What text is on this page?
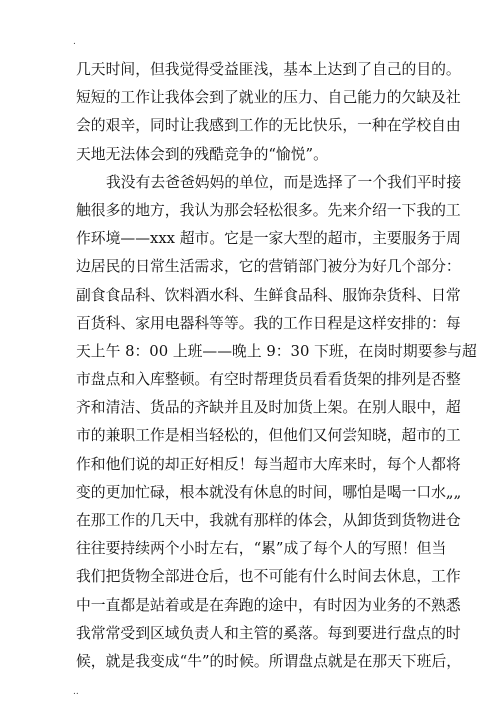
.
几天时间，但我觉得受益匪浅，基本上达到了自己的目的。
短短的工作让我体会到了就业的压力、自己能力的欠缺及社
会的艰辛，同时让我感到工作的无比快乐，一种在学校自由
天地无法体会到的残酷竞争的“愉悦”。
我没有去爸爸妈妈的单位，而是选择了一个我们平时接
触很多的地方，我认为那会轻松很多。先来介绍一下我的工
作环境——xxx 超市。它是一家大型的超市，主要服务于周
边居民的日常生活需求，它的营销部门被分为好几个部分：
副食食品科、饮料酒水科、生鲜食品科、服饰杂货科、日常
百货科、家用电器科等等。我的工作日程是这样安排的：每
天上午 8：00 上班——晚上 9：30 下班，在岗时期要参与超
市盘点和入库整顿。有空时帮理货员看看货架的排列是否整
齐和清洁、货品的齐缺并且及时加货上架。在别人眼中，超
市的兼职工作是相当轻松的，但他们又何尝知晓，超市的工
作和他们说的却正好相反！每当超市大库来时，每个人都将
变的更加忙碌，根本就没有休息的时间，哪怕是喝一口水„„
在那工作的几天中，我就有那样的体会，从卸货到货物进仓
往往要持续两个小时左右，“累”成了每个人的写照！但当
我们把货物全部进仓后，也不可能有什么时间去休息，工作
中一直都是站着或是在奔跑的途中，有时因为业务的不熟悉
我常常受到区域负责人和主管的奚落。每到要进行盘点的时
候，就是我变成“牛”的时候。所谓盘点就是在那天下班后，
..
